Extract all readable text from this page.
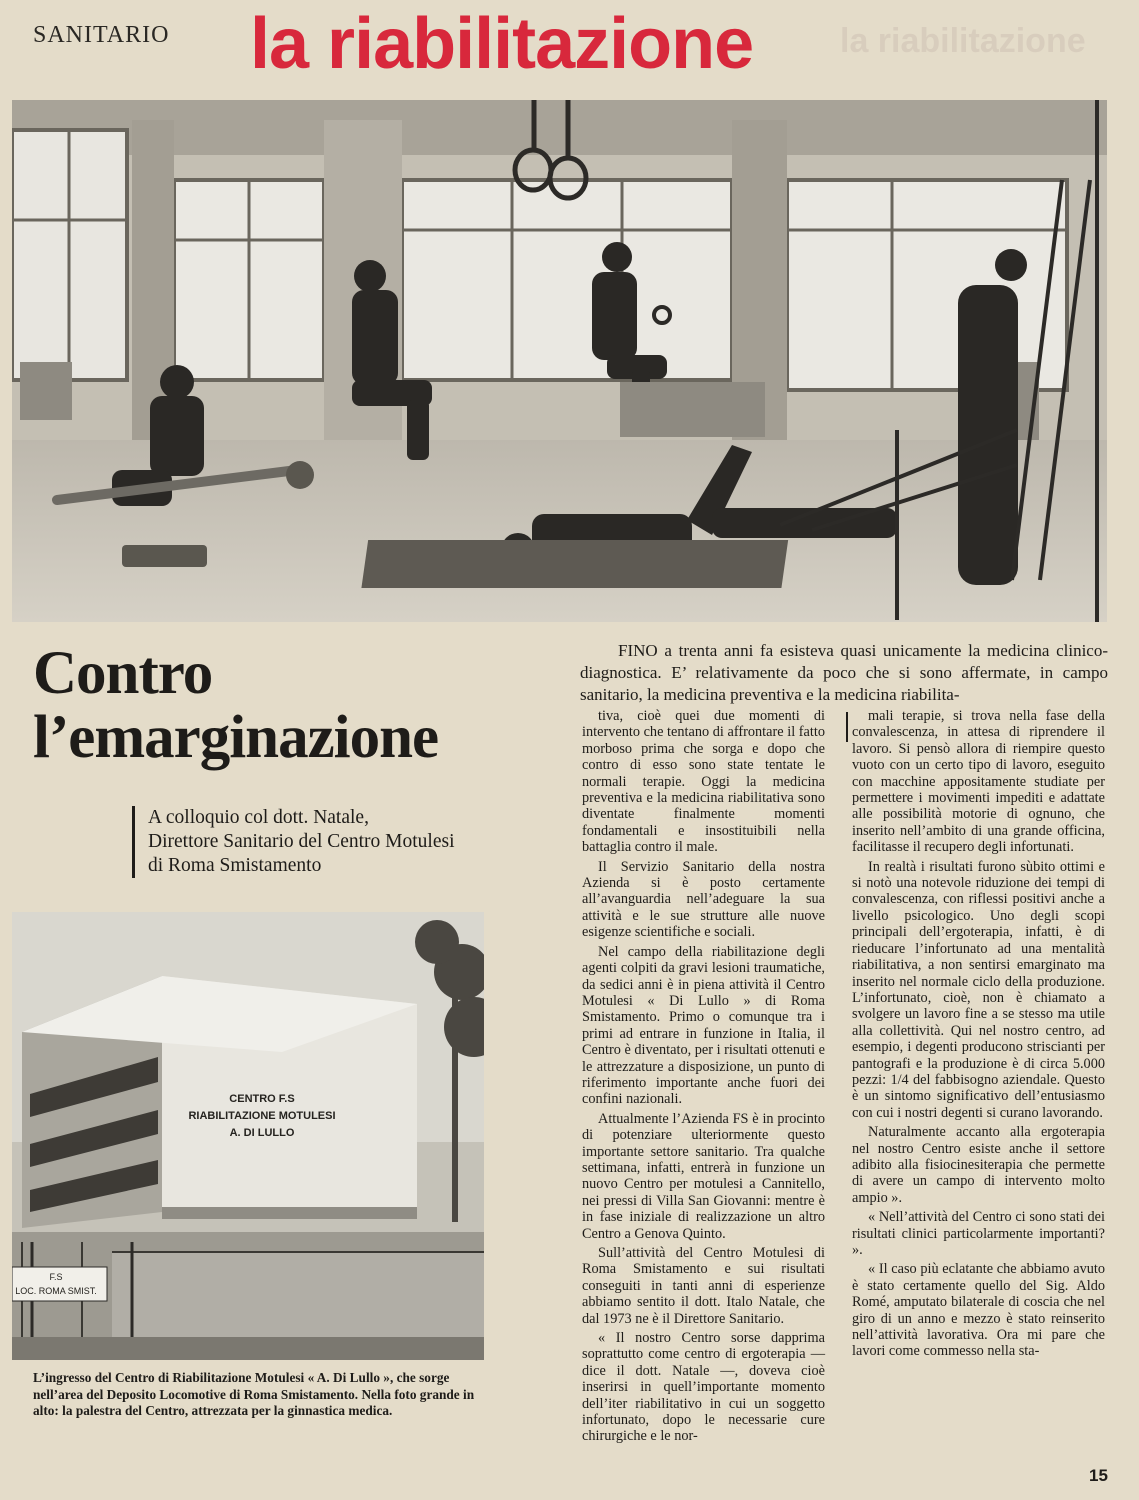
SANITARIO la riabilitazione	la riabilitazione
Contro
l’emarginazione
A colloquio col dott. Natale,
Direttore Sanitario del Centro Motulesi
di Roma Smistamento
CENTRO F.S
RIABILITAZIONE MOTULESI
A. DI LULLO
F.S
LOC. ROMA SMIST.
L’ingresso del Centro di Riabilitazione Motulesi « A. Di Lullo », che sorge nell’area del Deposito Locomotive di Roma Smistamento. Nella foto grande in alto: la palestra del Centro, attrezzata per la ginnastica medica.

FINO a trenta anni fa esisteva quasi unicamente la medicina clinico-diagnostica. E’ relativamente da poco che si sono affermate, in campo sanitario, la medicina preventiva e la medicina riabilita-

tiva, cioè quei due momenti di intervento che tentano di affrontare il fatto morboso prima che sorga e dopo che contro di esso sono state tentate le normali terapie. Oggi la medicina preventiva e la medicina riabilitativa sono diventate finalmente momenti fondamentali e insostituibili nella battaglia contro il male.

Il Servizio Sanitario della nostra Azienda si è posto certamente all’avanguardia nell’adeguare la sua attività e le sue strutture alle nuove esigenze scientifiche e sociali.

Nel campo della riabilitazione degli agenti colpiti da gravi lesioni traumatiche, da sedici anni è in piena attività il Centro Motulesi « Di Lullo » di Roma Smistamento. Primo o comunque tra i primi ad entrare in funzione in Italia, il Centro è diventato, per i risultati ottenuti e le attrezzature a disposizione, un punto di riferimento importante anche fuori dei confini nazionali.

Attualmente l’Azienda FS è in procinto di potenziare ulteriormente questo importante settore sanitario. Tra qualche settimana, infatti, entrerà in funzione un nuovo Centro per motulesi a Cannitello, nei pressi di Villa San Giovanni: mentre è in fase iniziale di realizzazione un altro Centro a Genova Quinto.

Sull’attività del Centro Motulesi di Roma Smistamento e sui risultati conseguiti in tanti anni di esperienze abbiamo sentito il dott. Italo Natale, che dal 1973 ne è il Direttore Sanitario.

« Il nostro Centro sorse dapprima soprattutto come centro di ergoterapia — dice il dott. Natale —, doveva cioè inserirsi in quell’importante momento dell’iter riabilitativo in cui un soggetto infortunato, dopo le necessarie cure chirurgiche e le nor-

mali terapie, si trova nella fase della convalescenza, in attesa di riprendere il lavoro. Si pensò allora di riempire questo vuoto con un certo tipo di lavoro, eseguito con macchine appositamente studiate per permettere i movimenti impediti e adattate alle possibilità motorie di ognuno, che inserito nell’ambito di una grande officina, facilitasse il recupero degli infortunati.

In realtà i risultati furono sùbito ottimi e si notò una notevole riduzione dei tempi di convalescenza, con riflessi positivi anche a livello psicologico. Uno degli scopi principali dell’ergoterapia, infatti, è di rieducare l’infortunato ad una mentalità riabilitativa, a non sentirsi emarginato ma inserito nel normale ciclo della produzione. L’infortunato, cioè, non è chiamato a svolgere un lavoro fine a se stesso ma utile alla collettività. Qui nel nostro centro, ad esempio, i degenti producono striscianti per pantografi e la produzione è di circa 5.000 pezzi: 1/4 del fabbisogno aziendale. Questo è un sintomo significativo dell’entusiasmo con cui i nostri degenti si curano lavorando.

Naturalmente accanto alla ergoterapia nel nostro Centro esiste anche il settore adibito alla fisiocinesiterapia che permette di avere un campo di intervento molto ampio ».

« Nell’attività del Centro ci sono stati dei risultati clinici particolarmente importanti? ».

« Il caso più eclatante che abbiamo avuto è stato certamente quello del Sig. Aldo Romé, amputato bilaterale di coscia che nel giro di un anno e mezzo è stato reinserito nell’attività lavorativa. Ora mi pare che lavori come commesso nella sta-

15
